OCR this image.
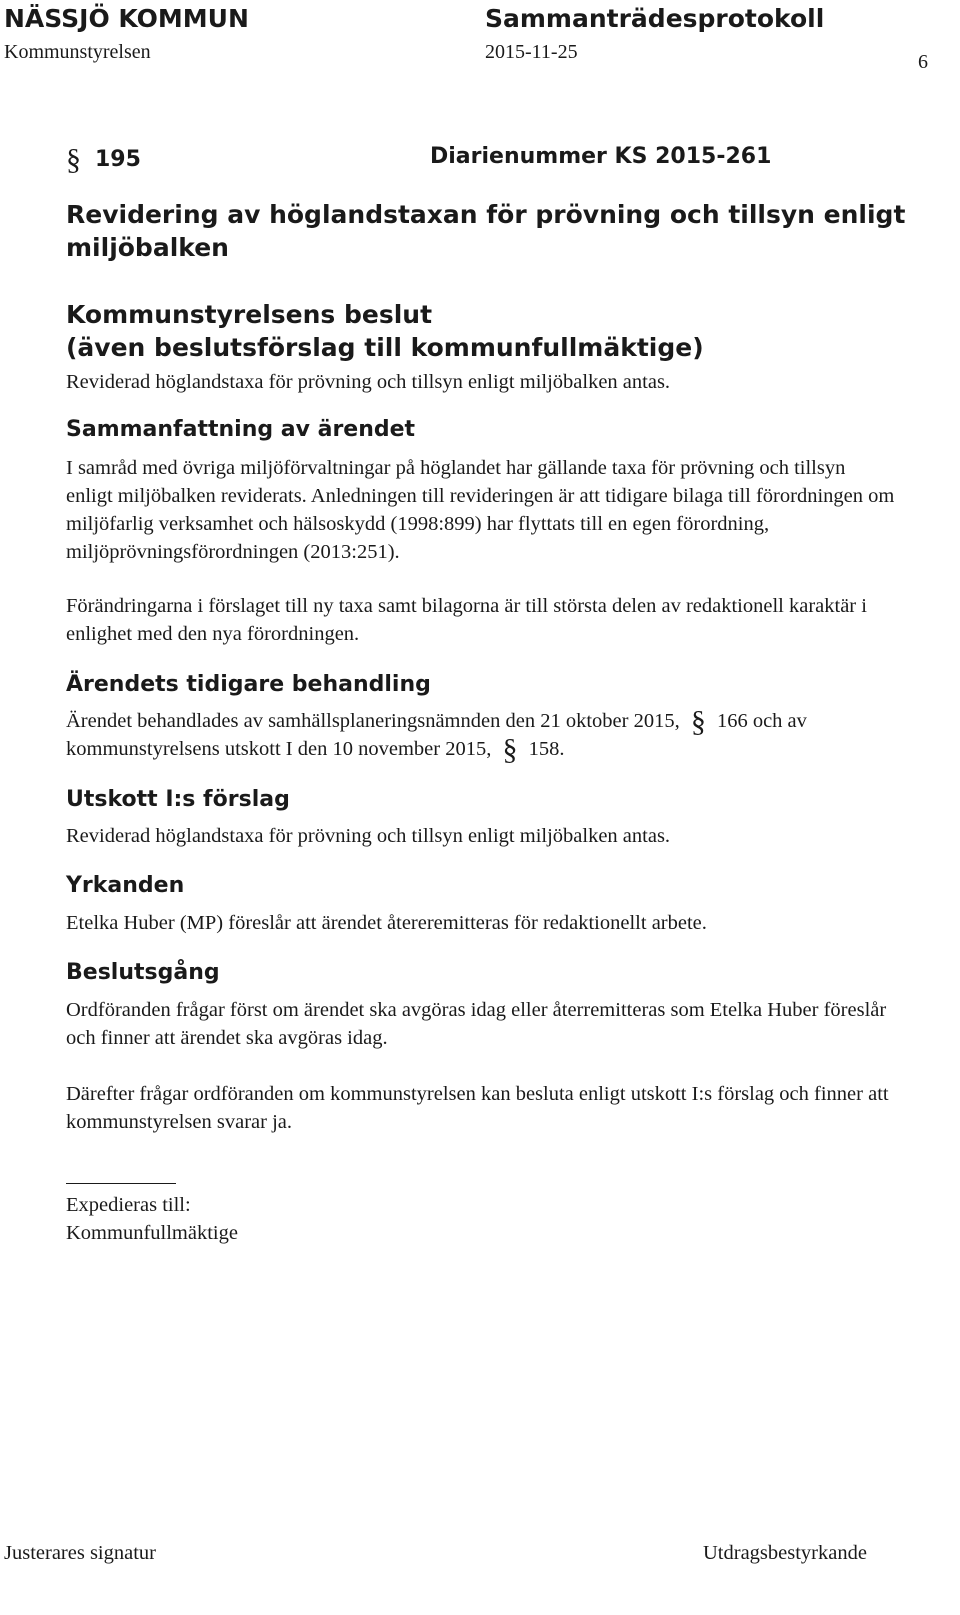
NÄSSJÖ KOMMUN	Sammanträdesprotokoll
Kommunstyrelsen	2015-11-25	6
§ 195	Diarienummer KS 2015-261
Revidering av höglandstaxan för prövning och tillsyn enligt miljöbalken
Kommunstyrelsens beslut
(även beslutsförslag till kommunfullmäktige)
Reviderad höglandstaxa för prövning och tillsyn enligt miljöbalken antas.
Sammanfattning av ärendet
I samråd med övriga miljöförvaltningar på höglandet har gällande taxa för prövning och tillsyn enligt miljöbalken reviderats. Anledningen till revideringen är att tidigare bilaga till förordningen om miljöfarlig verksamhet och hälsoskydd (1998:899) har flyttats till en egen förordning, miljöprövningsförordningen (2013:251).
Förändringarna i förslaget till ny taxa samt bilagorna är till största delen av redaktionell karaktär i enlighet med den nya förordningen.
Ärendets tidigare behandling
Ärendet behandlades av samhällsplaneringsnämnden den 21 oktober 2015, § 166 och av kommunstyrelsens utskott I den 10 november 2015, § 158.
Utskott I:s förslag
Reviderad höglandstaxa för prövning och tillsyn enligt miljöbalken antas.
Yrkanden
Etelka Huber (MP) föreslår att ärendet återeremitteras för redaktionellt arbete.
Beslutsgång
Ordföranden frågar först om ärendet ska avgöras idag eller återremitteras som Etelka Huber föreslår och finner att ärendet ska avgöras idag.
Därefter frågar ordföranden om kommunstyrelsen kan besluta enligt utskott I:s förslag och finner att kommunstyrelsen svarar ja.
Expedieras till:
Kommunfullmäktige
Justerares signatur	Utdragsbestyrkande
